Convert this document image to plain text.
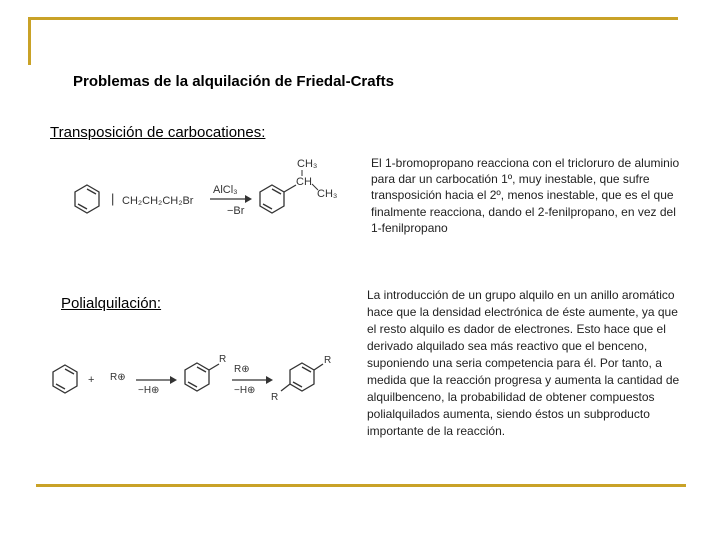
Problemas de la alquilación de Friedal-Crafts

Transposición de carbocationes:

El 1-bromopropano reacciona con el tricloruro de aluminio para dar un carbocatión 1º, muy inestable, que sufre transposición hacia el 2º, menos inestable, que es el que finalmente reacciona, dando el 2-fenilpropano, en vez del 1-fenilpropano

Polialquilación:	La introducción de un grupo alquilo en un anillo aromático hace que la densidad electrónica de éste aumente, ya que el resto alquilo es dador de electrones. Esto hace que el derivado alquilado sea más reactivo que el benceno, suponiendo una seria competencia para él. Por tanto, a medida que la reacción progresa y aumenta la cantidad de alquilbenceno, la probabilidad de obtener compuestos polialquilados aumenta, siendo éstos un subproducto importante de la reacción.

| CH₂CH₂CH₂Br
AlCl₃
−Br
CH₃
CH
CH₃
+ R⊕
−H⊕
R
R⊕
−H⊕
R
R
